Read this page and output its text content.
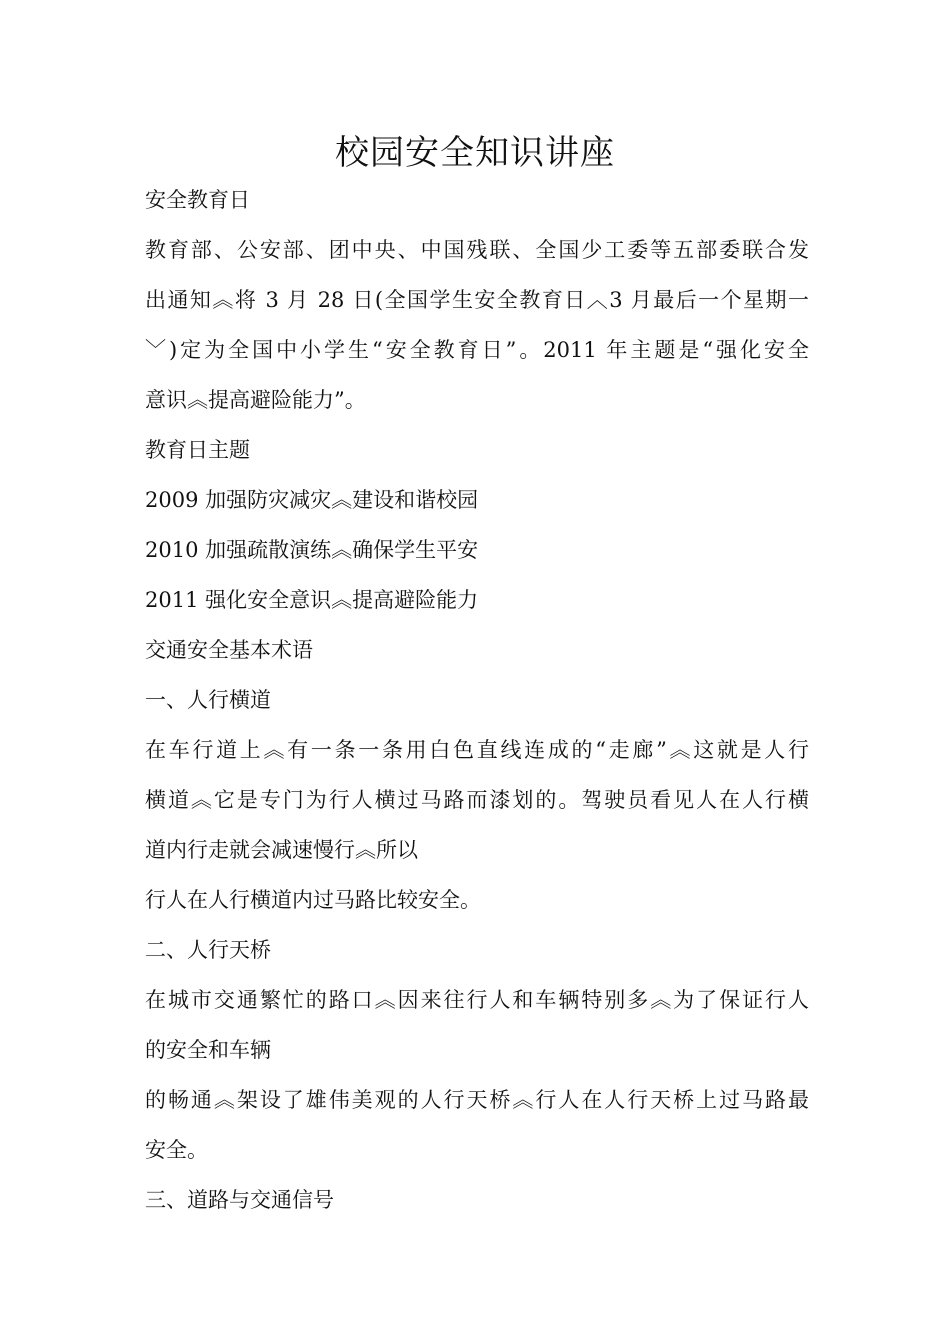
校园安全知识讲座
安全教育日
教育部、公安部、团中央、中国残联、全国少工委等五部委联合发
出通知︽将 3 月 28 日(全国学生安全教育日︿3 月最后一个星期一
﹀)定为全国中小学生“安全教育日”。2011 年主题是“强化安全
意识︽提高避险能力”。
教育日主题
2009 加强防灾减灾︽建设和谐校园
2010 加强疏散演练︽确保学生平安
2011 强化安全意识︽提高避险能力
交通安全基本术语
一、人行横道
在车行道上︽有一条一条用白色直线连成的“走廊”︽这就是人行
横道︽它是专门为行人横过马路而漆划的。驾驶员看见人在人行横
道内行走就会减速慢行︽所以
行人在人行横道内过马路比较安全。
二、人行天桥
在城市交通繁忙的路口︽因来往行人和车辆特别多︽为了保证行人
的安全和车辆
的畅通︽架设了雄伟美观的人行天桥︽行人在人行天桥上过马路最
安全。
三、道路与交通信号
